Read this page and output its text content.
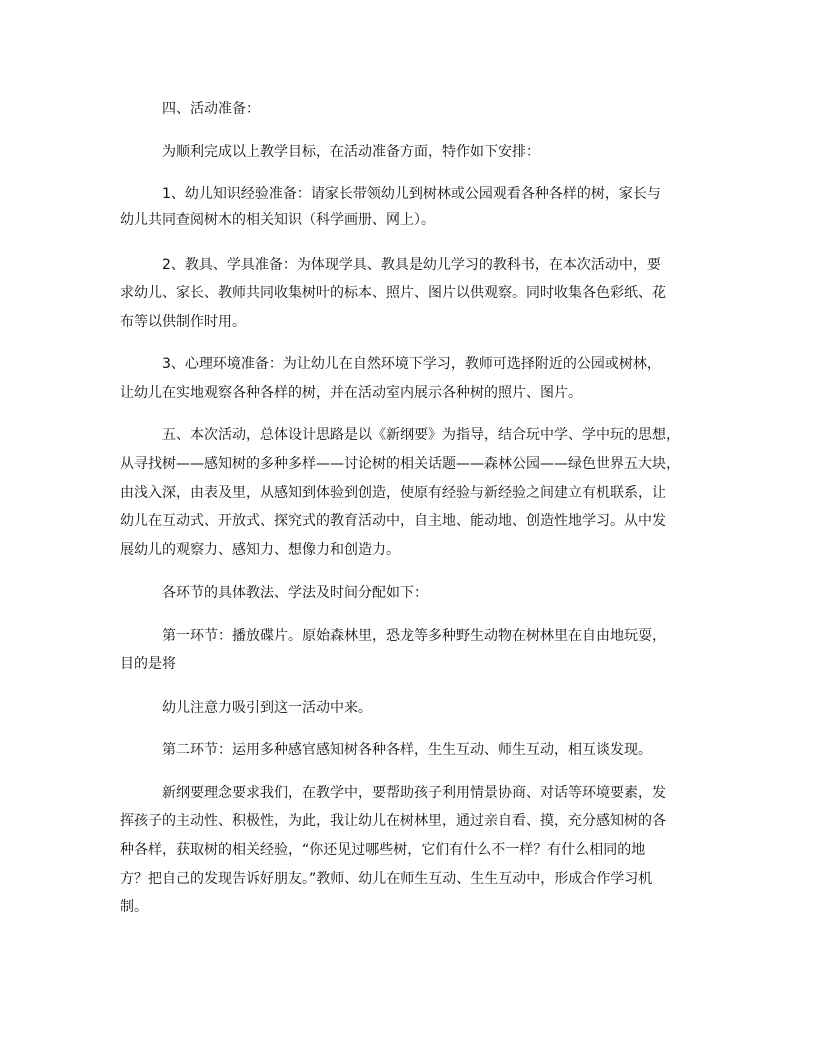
四、活动准备：

为顺利完成以上教学目标，在活动准备方面，特作如下安排：

1、幼儿知识经验准备：请家长带领幼儿到树林或公园观看各种各样的树，家长与

幼儿共同查阅树木的相关知识（科学画册、网上）。

2、教具、学具准备：为体现学具、教具是幼儿学习的教科书，在本次活动中，要

求幼儿、家长、教师共同收集树叶的标本、照片、图片以供观察。同时收集各色彩纸、花

布等以供制作时用。

3、心理环境准备：为让幼儿在自然环境下学习，教师可选择附近的公园或树林，

让幼儿在实地观察各种各样的树，并在活动室内展示各种树的照片、图片。

五、本次活动，总体设计思路是以《新纲要》为指导，结合玩中学、学中玩的思想，

从寻找树——感知树的多种多样——讨论树的相关话题——森林公园——绿色世界五大块，

由浅入深，由表及里，从感知到体验到创造，使原有经验与新经验之间建立有机联系，让

幼儿在互动式、开放式、探究式的教育活动中，自主地、能动地、创造性地学习。从中发

展幼儿的观察力、感知力、想像力和创造力。

各环节的具体教法、学法及时间分配如下：

第一环节：播放碟片。原始森林里，恐龙等多种野生动物在树林里在自由地玩耍，

目的是将

幼儿注意力吸引到这一活动中来。

第二环节：运用多种感官感知树各种各样，生生互动、师生互动，相互谈发现。

新纲要理念要求我们，在教学中，要帮助孩子利用情景协商、对话等环境要素，发

挥孩子的主动性、积极性，为此，我让幼儿在树林里，通过亲自看、摸，充分感知树的各

种各样，获取树的相关经验，“你还见过哪些树，它们有什么不一样？有什么相同的地

方？把自己的发现告诉好朋友。”教师、幼儿在师生互动、生生互动中，形成合作学习机

制。
